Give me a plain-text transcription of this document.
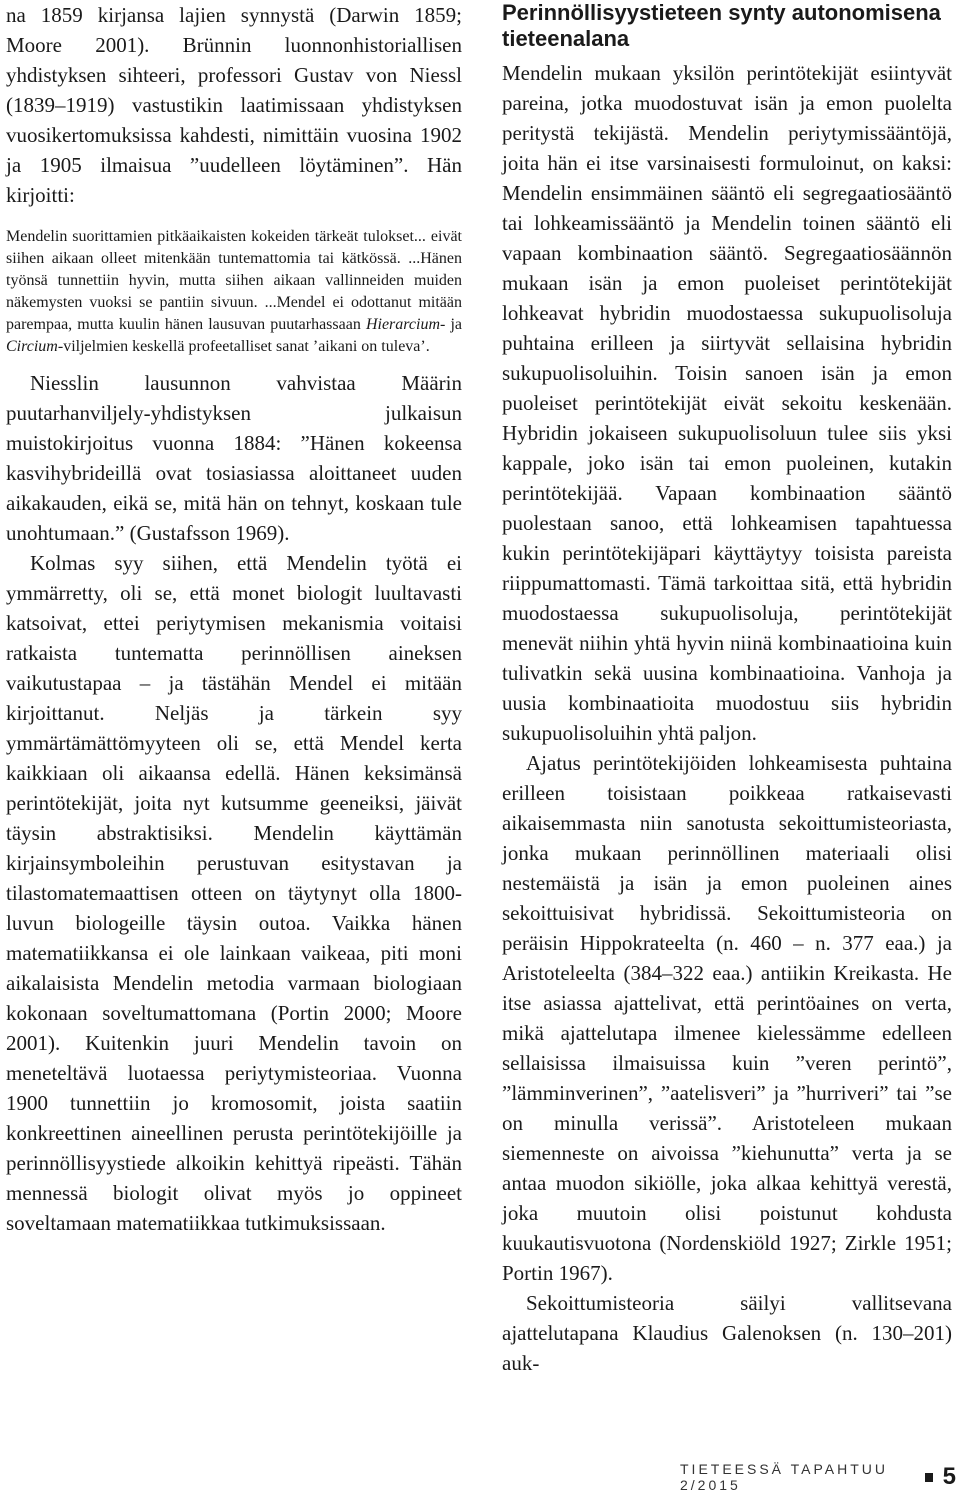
na 1859 kirjansa lajien synnystä (Darwin 1859; Moore 2001). Brünnin luonnonhistoriallisen yhdistyksen sihteeri, professori Gustav von Niessl (1839–1919) vastustikin laatimissaan yhdistyksen vuosikertomuksissa kahdesti, nimittäin vuosina 1902 ja 1905 ilmaisua ”uudelleen löytäminen”. Hän kirjoitti:

Mendelin suorittamien pitkäaikaisten kokeiden tärkeät tulokset... eivät siihen aikaan olleet mitenkään tuntemattomia tai kätkössä. ...Hänen työnsä tunnettiin hyvin, mutta siihen aikaan vallinneiden muiden näkemysten vuoksi se pantiin sivuun. ...Mendel ei odottanut mitään parempaa, mutta kuulin hänen lausuvan puutarhassaan Hierarcium- ja Circium-viljelmien keskellä profeetalliset sanat ’aikani on tuleva’.

Niesslin lausunnon vahvistaa Määrin puutarhanviljely-yhdistyksen julkaisun muistokirjoitus vuonna 1884: ”Hänen kokeensa kasvihybrideillä ovat tosiasiassa aloittaneet uuden aikakauden, eikä se, mitä hän on tehnyt, koskaan tule unohtumaan.” (Gustafsson 1969).

Kolmas syy siihen, että Mendelin työtä ei ymmärretty, oli se, että monet biologit luultavasti katsoivat, ettei periytymisen mekanismia voitaisi ratkaista tuntematta perinnöllisen aineksen vaikutustapaa – ja tästähän Mendel ei mitään kirjoittanut. Neljäs ja tärkein syy ymmärtämättömyyteen oli se, että Mendel kerta kaikkiaan oli aikaansa edellä. Hänen keksimänsä perintötekijät, joita nyt kutsumme geeneiksi, jäivät täysin abstraktisiksi. Mendelin käyttämän kirjainsymboleihin perustuvan esitystavan ja tilastomatemaattisen otteen on täytynyt olla 1800-luvun biologeille täysin outoa. Vaikka hänen matematiikkansa ei ole lainkaan vaikeaa, piti moni aikalaisista Mendelin metodia varmaan biologiaan kokonaan soveltumattomana (Portin 2000; Moore 2001). Kuitenkin juuri Mendelin tavoin on meneteltävä luotaessa periytymisteoriaa. Vuonna 1900 tunnettiin jo kromosomit, joista saatiin konkreettinen aineellinen perusta perintötekijöille ja perinnöllisyystiede alkoikin kehittyä ripeästi. Tähän mennessä biologit olivat myös jo oppineet soveltamaan matematiikkaa tutkimuksissaan.

Perinnöllisyystieteen synty autonomisena tieteenalana

Mendelin mukaan yksilön perintötekijät esiintyvät pareina, jotka muodostuvat isän ja emon puolelta peritystä tekijästä. Mendelin periytymissääntöjä, joita hän ei itse varsinaisesti formuloinut, on kaksi: Mendelin ensimmäinen sääntö eli segregaatiosääntö tai lohkeamissääntö ja Mendelin toinen sääntö eli vapaan kombinaation sääntö. Segregaatiosäännön mukaan isän ja emon puoleiset perintötekijät lohkeavat hybridin muodostaessa sukupuolisoluja puhtaina erilleen ja siirtyvät sellaisina hybridin sukupuolisoluihin. Toisin sanoen isän ja emon puoleiset perintötekijät eivät sekoitu keskenään. Hybridin jokaiseen sukupuolisoluun tulee siis yksi kappale, joko isän tai emon puoleinen, kutakin perintötekijää. Vapaan kombinaation sääntö puolestaan sanoo, että lohkeamisen tapahtuessa kukin perintötekijäpari käyttäytyy toisista pareista riippumattomasti. Tämä tarkoittaa sitä, että hybridin muodostaessa sukupuolisoluja, perintötekijät menevät niihin yhtä hyvin niinä kombinaatioina kuin tulivatkin sekä uusina kombinaatioina. Vanhoja ja uusia kombinaatioita muodostuu siis hybridin sukupuolisoluihin yhtä paljon.

Ajatus perintötekijöiden lohkeamisesta puhtaina erilleen toisistaan poikkeaa ratkaisevasti aikaisemmasta niin sanotusta sekoittumisteoriasta, jonka mukaan perinnöllinen materiaali olisi nestemäistä ja isän ja emon puoleinen aines sekoittuisivat hybridissä. Sekoittumisteoria on peräisin Hippokrateelta (n. 460 – n. 377 eaa.) ja Aristoteleelta (384–322 eaa.) antiikin Kreikasta. He itse asiassa ajattelivat, että perintöaines on verta, mikä ajattelutapa ilmenee kielessämme edelleen sellaisissa ilmaisuissa kuin ”veren perintö”, ”lämminverinen”, ”aatelisveri” ja ”hurriveri” tai ”se on minulla verissä”. Aristoteleen mukaan siemenneste on aivoissa ”kiehunutta” verta ja se antaa muodon sikiölle, joka alkaa kehittyä verestä, joka muutoin olisi poistunut kohdusta kuukautisvuotona (Nordenskiöld 1927; Zirkle 1951; Portin 1967).

Sekoittumisteoria säilyi vallitsevana ajattelutapana Klaudius Galenoksen (n. 130–201) auk-

TIETEESSÄ TAPAHTUU 2/2015	5
